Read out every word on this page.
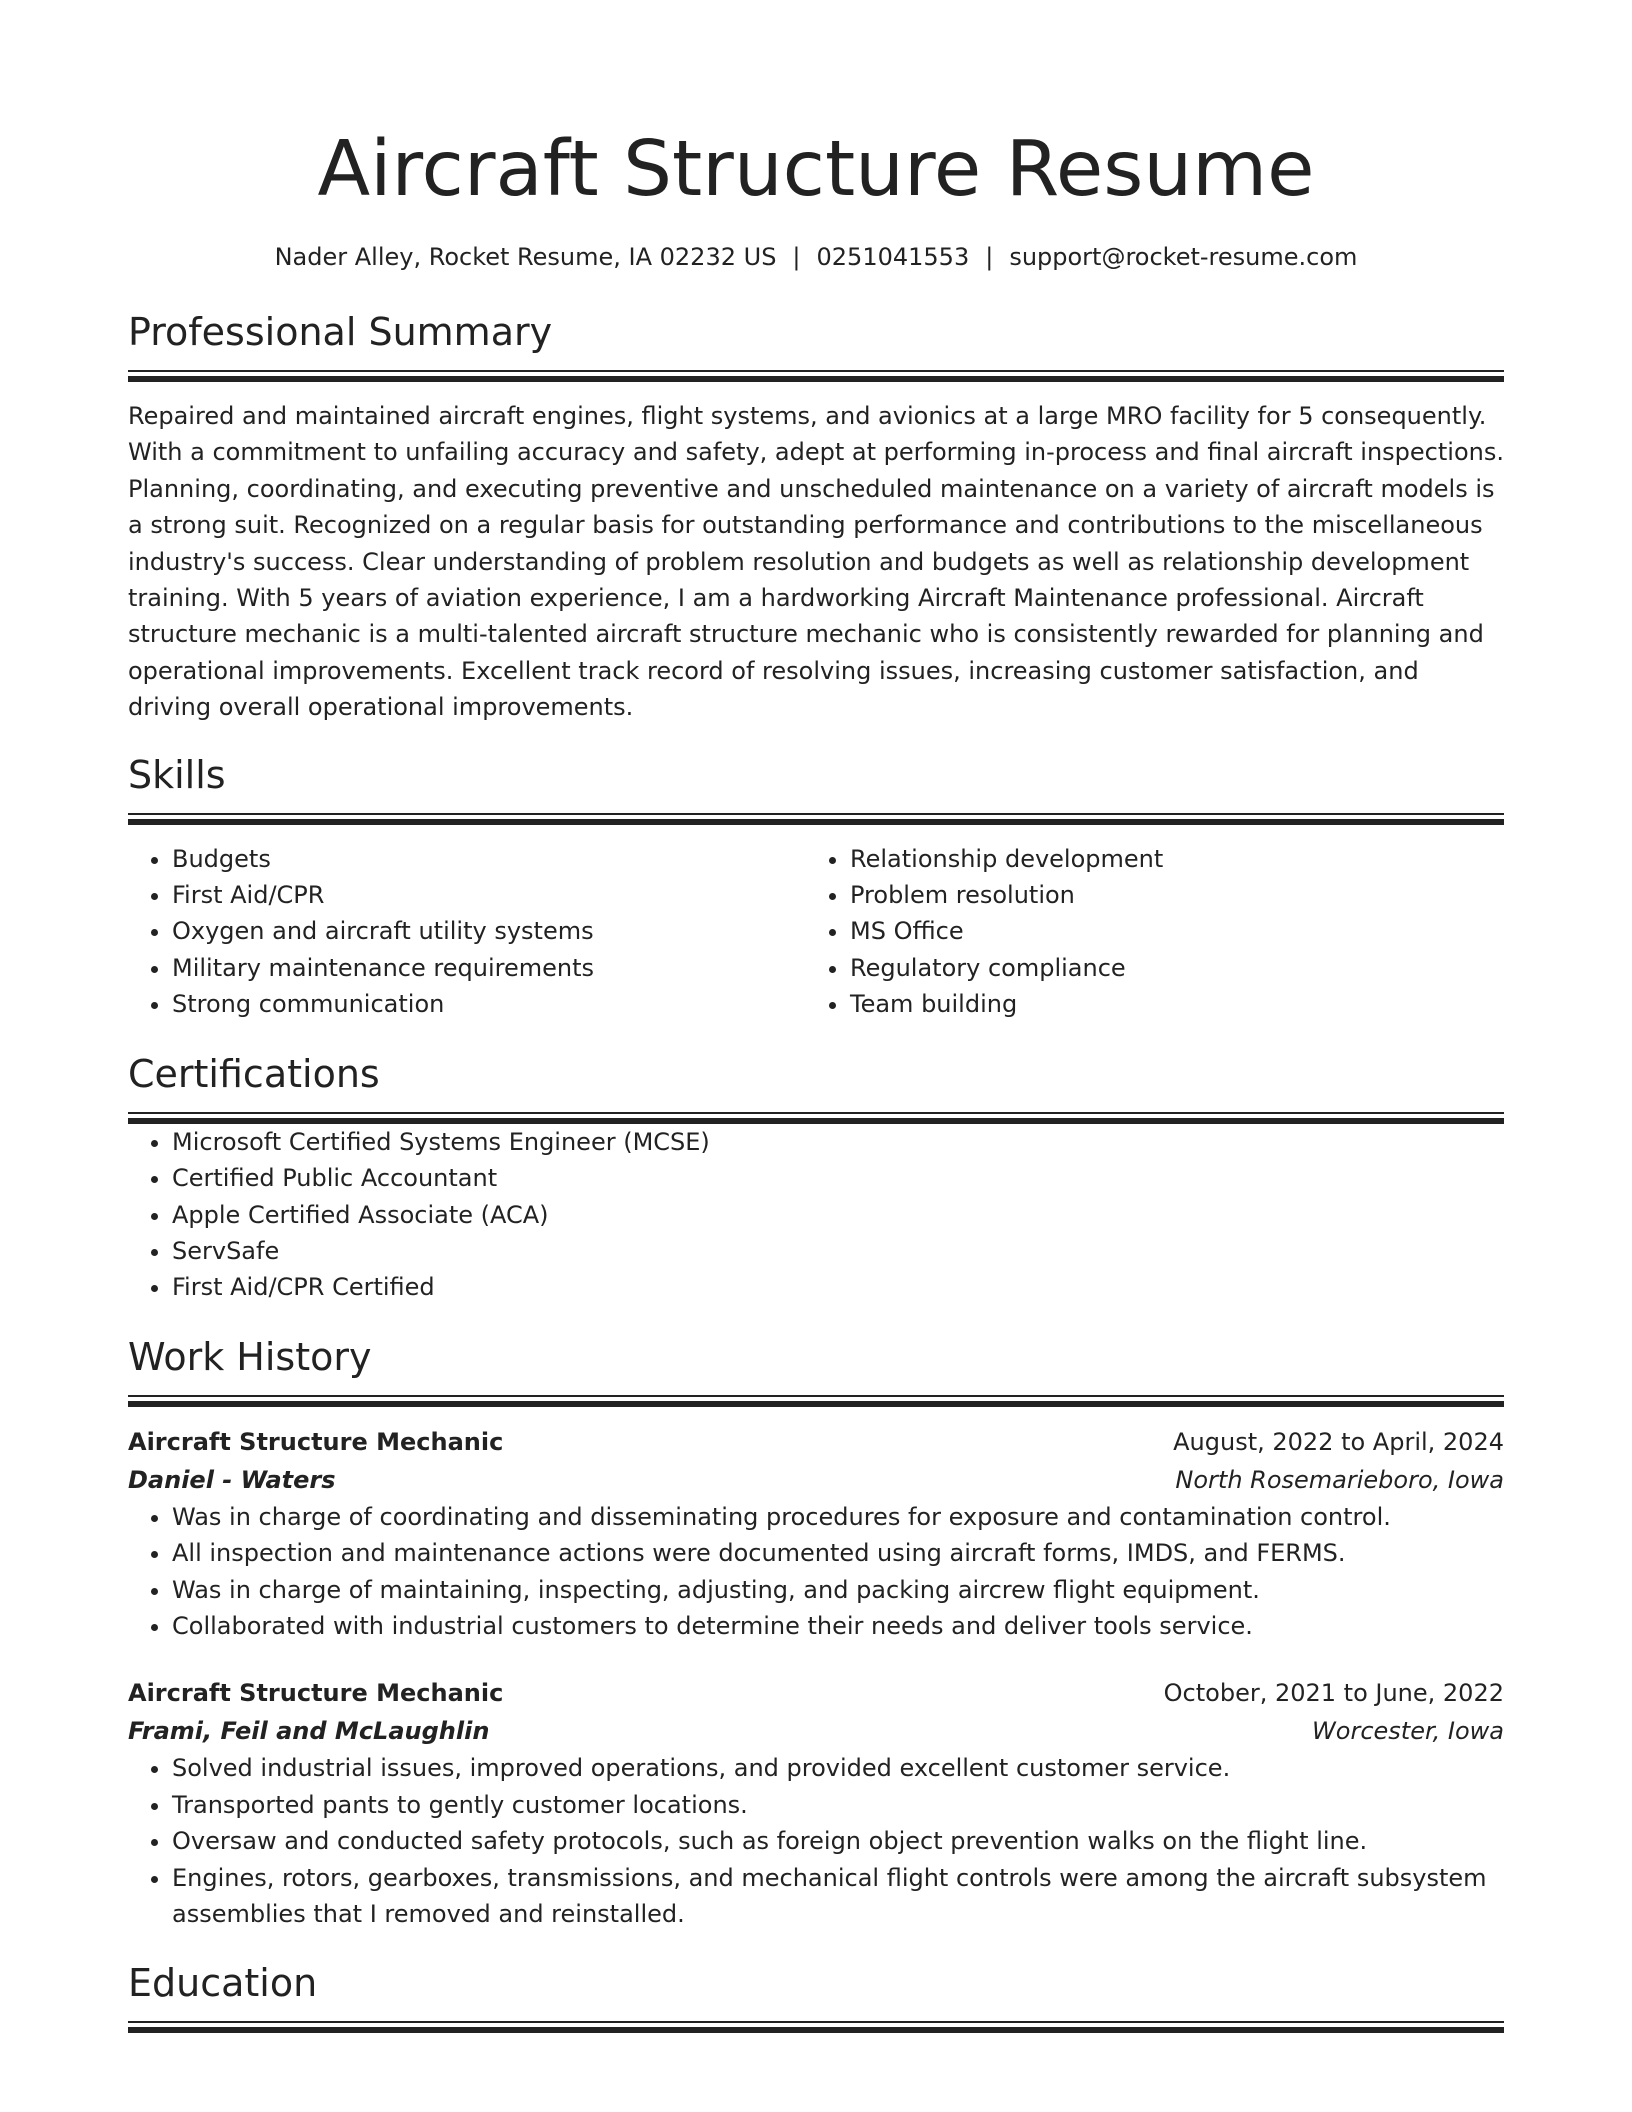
Aircraft Structure Resume
Nader Alley, Rocket Resume, IA 02232 US | 0251041553 | support@rocket-resume.com
Professional Summary

Repaired and maintained aircraft engines, flight systems, and avionics at a large MRO facility for 5 consequently. With a commitment to unfailing accuracy and safety, adept at performing in-process and final aircraft inspections. Planning, coordinating, and executing preventive and unscheduled maintenance on a variety of aircraft models is a strong suit. Recognized on a regular basis for outstanding performance and contributions to the miscellaneous industry's success. Clear understanding of problem resolution and budgets as well as relationship development training. With 5 years of aviation experience, I am a hardworking Aircraft Maintenance professional. Aircraft structure mechanic is a multi-talented aircraft structure mechanic who is consistently rewarded for planning and operational improvements. Excellent track record of resolving issues, increasing customer satisfaction, and driving overall operational improvements.

Skills
• Budgets
• First Aid/CPR
• Oxygen and aircraft utility systems
• Military maintenance requirements
• Strong communication
• Relationship development
• Problem resolution
• MS Office
• Regulatory compliance
• Team building
Certifications
• Microsoft Certified Systems Engineer (MCSE)
• Certified Public Accountant
• Apple Certified Associate (ACA)
• ServSafe
• First Aid/CPR Certified
Work History
Aircraft Structure Mechanic	August, 2022 to April, 2024
Daniel - Waters	North Rosemarieboro, Iowa
• Was in charge of coordinating and disseminating procedures for exposure and contamination control.
• All inspection and maintenance actions were documented using aircraft forms, IMDS, and FERMS.
• Was in charge of maintaining, inspecting, adjusting, and packing aircrew flight equipment.
• Collaborated with industrial customers to determine their needs and deliver tools service.
Aircraft Structure Mechanic	October, 2021 to June, 2022
Frami, Feil and McLaughlin	Worcester, Iowa
• Solved industrial issues, improved operations, and provided excellent customer service.
• Transported pants to gently customer locations.
• Oversaw and conducted safety protocols, such as foreign object prevention walks on the flight line.
• Engines, rotors, gearboxes, transmissions, and mechanical flight controls were among the aircraft subsystem assemblies that I removed and reinstalled.
Education
